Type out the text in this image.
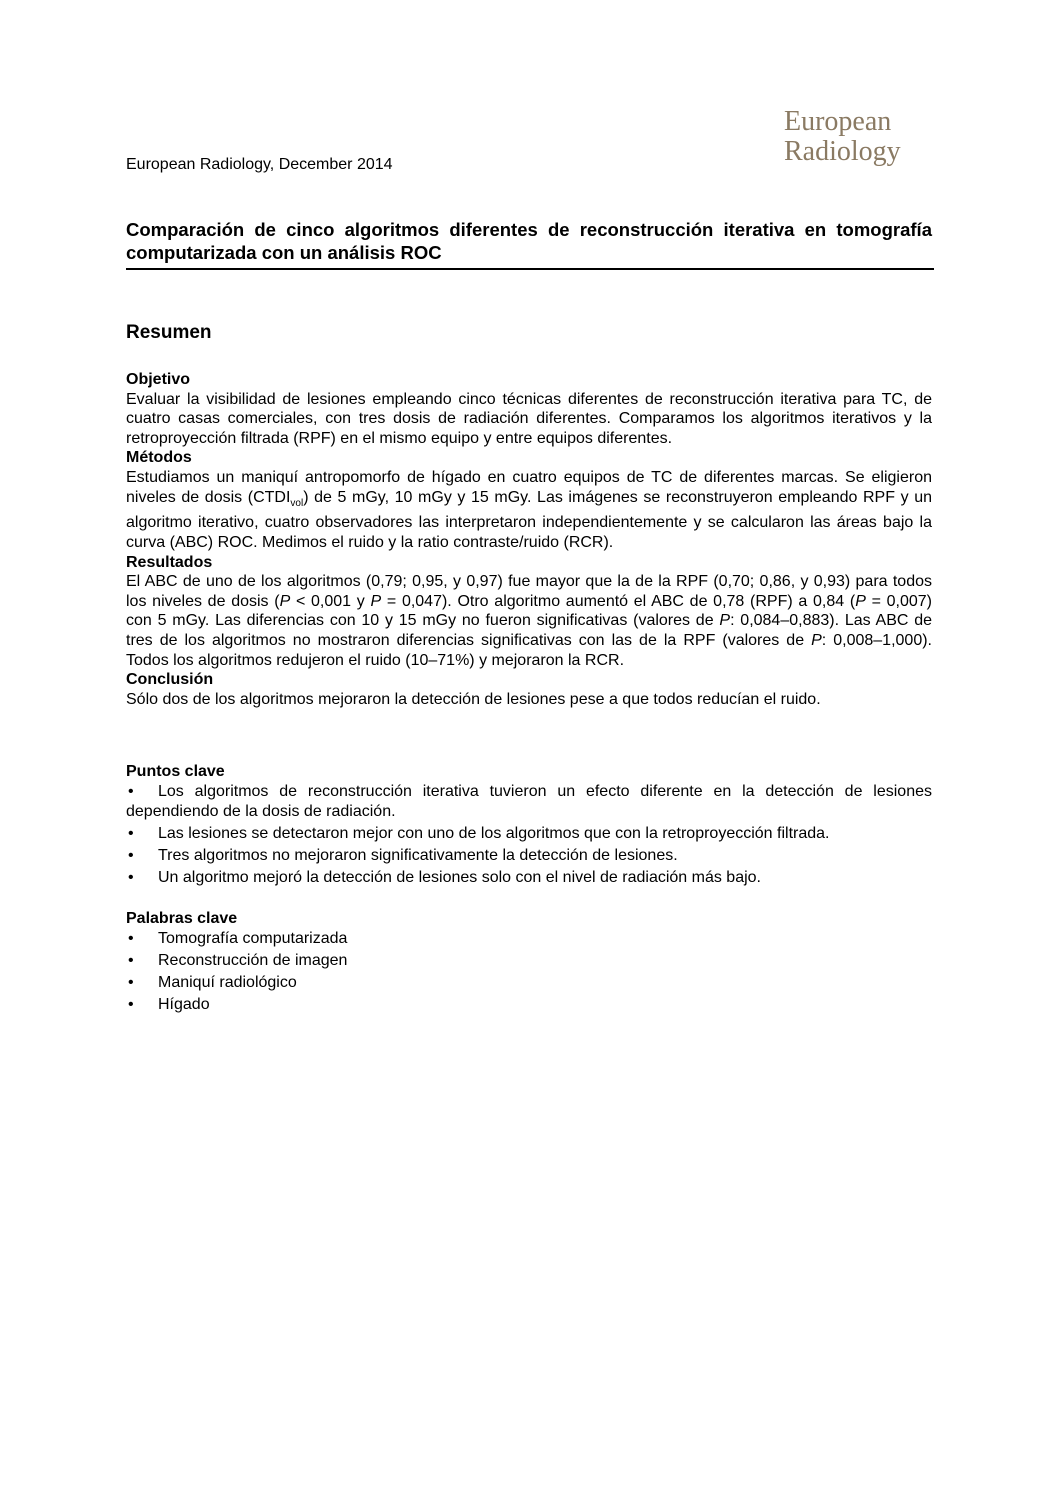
European
Radiology
European Radiology, December 2014
Comparación de cinco algoritmos diferentes de reconstrucción iterativa en tomografía computarizada con un análisis ROC
Resumen
Objetivo

Evaluar la visibilidad de lesiones empleando cinco técnicas diferentes de reconstrucción iterativa para TC, de cuatro casas comerciales, con tres dosis de radiación diferentes. Comparamos los algoritmos iterativos y la retroproyección filtrada (RPF) en el mismo equipo y entre equipos diferentes.

Métodos

Estudiamos un maniquí antropomorfo de hígado en cuatro equipos de TC de diferentes marcas. Se eligieron niveles de dosis $(CTDI_{vol})$ de 5 mGy, 10 mGy y 15 mGy. Las imágenes se reconstruyeron empleando RPF y un algoritmo iterativo, cuatro observadores las interpretaron independientemente y se calcularon las áreas bajo la curva (ABC) ROC. Medimos el ruido y la ratio contraste/ruido (RCR).

Resultados

El ABC de uno de los algoritmos (0,79; 0,95, y 0,97) fue mayor que la de la RPF (0,70; 0,86, y 0,93) para todos los niveles de dosis (P < 0,001 y P = 0,047). Otro algoritmo aumentó el ABC de 0,78 (RPF) a 0,84 (P = 0,007) con 5 mGy. Las diferencias con 10 y 15 mGy no fueron significativas (valores de P: 0,084–0,883). Las ABC de tres de los algoritmos no mostraron diferencias significativas con las de la RPF (valores de P: 0,008–1,000). Todos los algoritmos redujeron el ruido (10–71%) y mejoraron la RCR.

Conclusión

Sólo dos de los algoritmos mejoraron la detección de lesiones pese a que todos reducían el ruido.

Puntos clave
• Los algoritmos de reconstrucción iterativa tuvieron un efecto diferente en la detección de lesiones dependiendo de la dosis de radiación.
• Las lesiones se detectaron mejor con uno de los algoritmos que con la retroproyección filtrada.
• Tres algoritmos no mejoraron significativamente la detección de lesiones.
• Un algoritmo mejoró la detección de lesiones solo con el nivel de radiación más bajo.
Palabras clave
• Tomografía computarizada
• Reconstrucción de imagen
• Maniquí radiológico
• Hígado
